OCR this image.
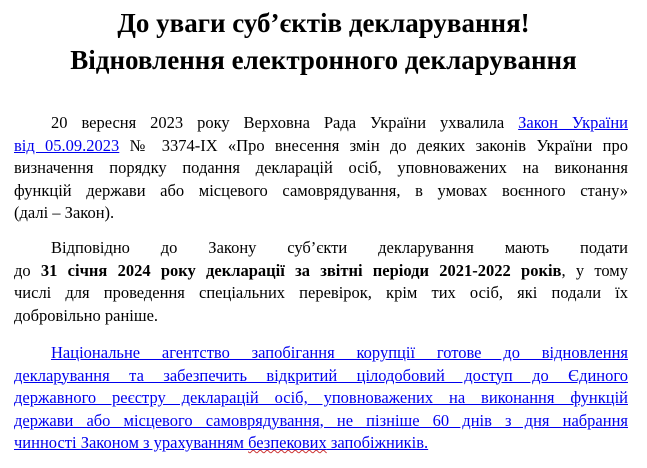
До уваги суб’єктів декларування!
Відновлення електронного декларування
20 вересня 2023 року Верховна Рада України ухвалила Закон України
від 05.09.2023 № 3374-IX «Про внесення змін до деяких законів України про
визначення порядку подання декларацій осіб, уповноважених на виконання
функцій держави або місцевого самоврядування, в умовах воєнного стану»
(далі – Закон).
Відповідно до Закону суб’єкти декларування мають подати
до 31 січня 2024 року декларації за звітні періоди 2021-2022 років, у тому
числі для проведення спеціальних перевірок, крім тих осіб, які подали їх
добровільно раніше.
Національне агентство запобігання корупції готове до відновлення
декларування та забезпечить відкритий цілодобовий доступ до Єдиного
державного реєстру декларацій осіб, уповноважених на виконання функцій
держави або місцевого самоврядування, не пізніше 60 днів з дня набрання
чинності Законом з урахуванням безпекових запобіжників.
